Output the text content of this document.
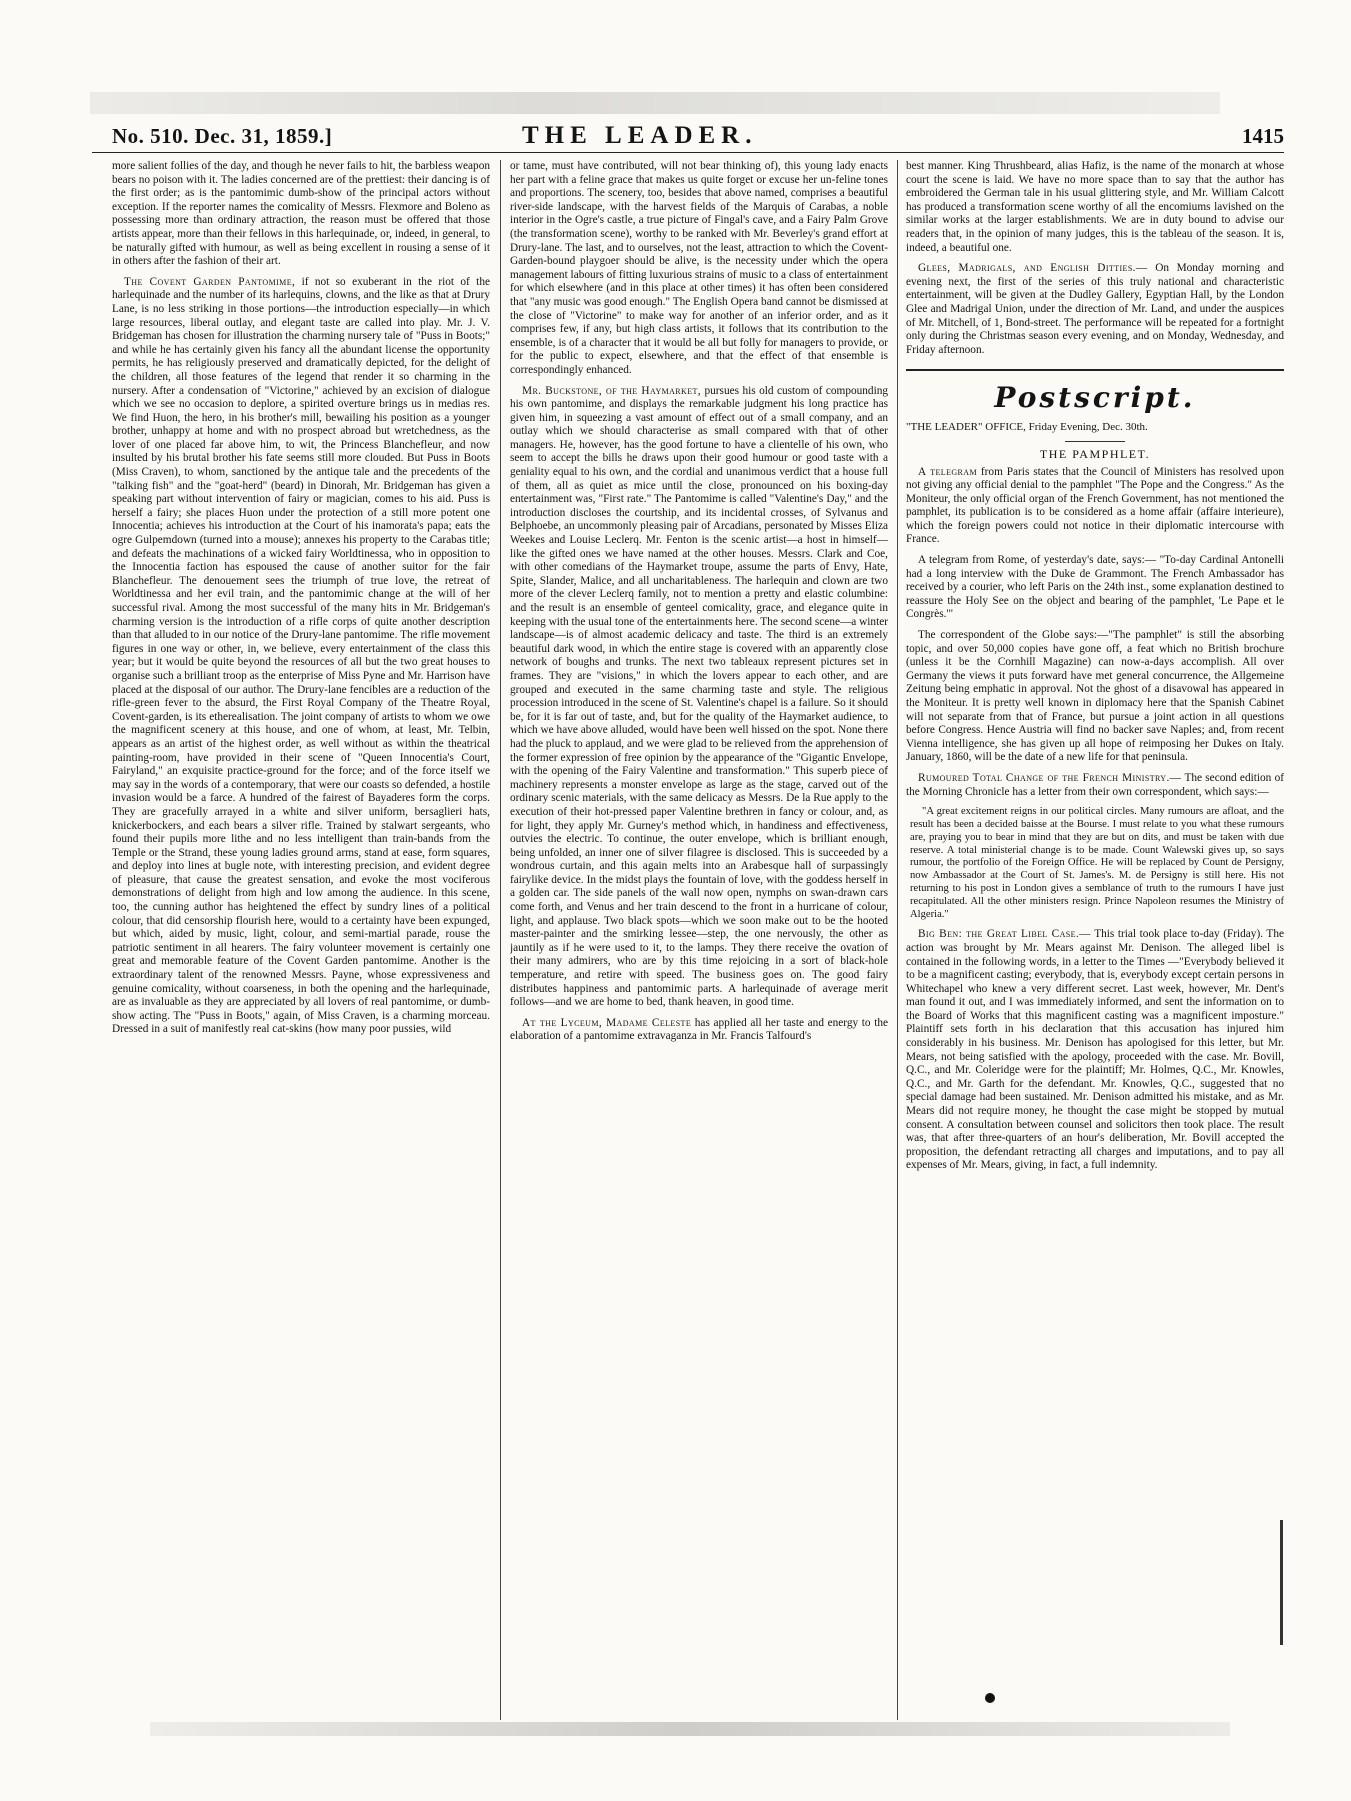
No. 510. Dec. 31, 1859.]	THE LEADER.	1415

more salient follies of the day, and though he never fails to hit, the barbless weapon bears no poison with it. The ladies concerned are of the prettiest: their dancing is of the first order; as is the pantomimic dumb-show of the principal actors without exception. If the reporter names the comicality of Messrs. Flexmore and Boleno as possessing more than ordinary attraction, the reason must be offered that those artists appear, more than their fellows in this harlequinade, or, indeed, in general, to be naturally gifted with humour, as well as being excellent in rousing a sense of it in others after the fashion of their art.

The Covent Garden Pantomime, if not so exuberant in the riot of the harlequinade and the number of its harlequins, clowns, and the like as that at Drury Lane, is no less striking in those portions—the introduction especially—in which large resources, liberal outlay, and elegant taste are called into play. Mr. J. V. Bridgeman has chosen for illustration the charming nursery tale of "Puss in Boots;" and while he has certainly given his fancy all the abundant license the opportunity permits, he has religiously preserved and dramatically depicted, for the delight of the children, all those features of the legend that render it so charming in the nursery. After a condensation of "Victorine," achieved by an excision of dialogue which we see no occasion to deplore, a spirited overture brings us in medias res. We find Huon, the hero, in his brother's mill, bewailing his position as a younger brother, unhappy at home and with no prospect abroad but wretchedness, as the lover of one placed far above him, to wit, the Princess Blanchefleur, and now insulted by his brutal brother his fate seems still more clouded. But Puss in Boots (Miss Craven), to whom, sanctioned by the antique tale and the precedents of the "talking fish" and the "goat-herd" (beard) in Dinorah, Mr. Bridgeman has given a speaking part without intervention of fairy or magician, comes to his aid. Puss is herself a fairy; she places Huon under the protection of a still more potent one Innocentia; achieves his introduction at the Court of his inamorata's papa; eats the ogre Gulpemdown (turned into a mouse); annexes his property to the Carabas title; and defeats the machinations of a wicked fairy Worldtinessa, who in opposition to the Innocentia faction has espoused the cause of another suitor for the fair Blanchefleur. The denouement sees the triumph of true love, the retreat of Worldtinessa and her evil train, and the pantomimic change at the will of her successful rival. Among the most successful of the many hits in Mr. Bridgeman's charming version is the introduction of a rifle corps of quite another description than that alluded to in our notice of the Drury-lane pantomime. The rifle movement figures in one way or other, in, we believe, every entertainment of the class this year; but it would be quite beyond the resources of all but the two great houses to organise such a brilliant troop as the enterprise of Miss Pyne and Mr. Harrison have placed at the disposal of our author. The Drury-lane fencibles are a reduction of the rifle-green fever to the absurd, the First Royal Company of the Theatre Royal, Covent-garden, is its etherealisation. The joint company of artists to whom we owe the magnificent scenery at this house, and one of whom, at least, Mr. Telbin, appears as an artist of the highest order, as well without as within the theatrical painting-room, have provided in their scene of "Queen Innocentia's Court, Fairyland," an exquisite practice-ground for the force; and of the force itself we may say in the words of a contemporary, that were our coasts so defended, a hostile invasion would be a farce. A hundred of the fairest of Bayaderes form the corps. They are gracefully arrayed in a white and silver uniform, bersaglieri hats, knickerbockers, and each bears a silver rifle. Trained by stalwart sergeants, who found their pupils more lithe and no less intelligent than train-bands from the Temple or the Strand, these young ladies ground arms, stand at ease, form squares, and deploy into lines at bugle note, with interesting precision, and evident degree of pleasure, that cause the greatest sensation, and evoke the most vociferous demonstrations of delight from high and low among the audience. In this scene, too, the cunning author has heightened the effect by sundry lines of a political colour, that did censorship flourish here, would to a certainty have been expunged, but which, aided by music, light, colour, and semi-martial parade, rouse the patriotic sentiment in all hearers. The fairy volunteer movement is certainly one great and memorable feature of the Covent Garden pantomime. Another is the extraordinary talent of the renowned Messrs. Payne, whose expressiveness and genuine comicality, without coarseness, in both the opening and the harlequinade, are as invaluable as they are appreciated by all lovers of real pantomime, or dumb-show acting. The "Puss in Boots," again, of Miss Craven, is a charming morceau. Dressed in a suit of manifestly real cat-skins (how many poor pussies, wild

or tame, must have contributed, will not bear thinking of), this young lady enacts her part with a feline grace that makes us quite forget or excuse her un-feline tones and proportions. The scenery, too, besides that above named, comprises a beautiful river-side landscape, with the harvest fields of the Marquis of Carabas, a noble interior in the Ogre's castle, a true picture of Fingal's cave, and a Fairy Palm Grove (the transformation scene), worthy to be ranked with Mr. Beverley's grand effort at Drury-lane. The last, and to ourselves, not the least, attraction to which the Covent-Garden-bound playgoer should be alive, is the necessity under which the opera management labours of fitting luxurious strains of music to a class of entertainment for which elsewhere (and in this place at other times) it has often been considered that "any music was good enough." The English Opera band cannot be dismissed at the close of "Victorine" to make way for another of an inferior order, and as it comprises few, if any, but high class artists, it follows that its contribution to the ensemble, is of a character that it would be all but folly for managers to provide, or for the public to expect, elsewhere, and that the effect of that ensemble is correspondingly enhanced.

Mr. Buckstone, of the Haymarket, pursues his old custom of compounding his own pantomime, and displays the remarkable judgment his long practice has given him, in squeezing a vast amount of effect out of a small company, and an outlay which we should characterise as small compared with that of other managers. He, however, has the good fortune to have a clientelle of his own, who seem to accept the bills he draws upon their good humour or good taste with a geniality equal to his own, and the cordial and unanimous verdict that a house full of them, all as quiet as mice until the close, pronounced on his boxing-day entertainment was, "First rate." The Pantomime is called "Valentine's Day," and the introduction discloses the courtship, and its incidental crosses, of Sylvanus and Belphoebe, an uncommonly pleasing pair of Arcadians, personated by Misses Eliza Weekes and Louise Leclerq. Mr. Fenton is the scenic artist—a host in himself—like the gifted ones we have named at the other houses. Messrs. Clark and Coe, with other comedians of the Haymarket troupe, assume the parts of Envy, Hate, Spite, Slander, Malice, and all uncharitableness. The harlequin and clown are two more of the clever Leclerq family, not to mention a pretty and elastic columbine: and the result is an ensemble of genteel comicality, grace, and elegance quite in keeping with the usual tone of the entertainments here. The second scene—a winter landscape—is of almost academic delicacy and taste. The third is an extremely beautiful dark wood, in which the entire stage is covered with an apparently close network of boughs and trunks. The next two tableaux represent pictures set in frames. They are "visions," in which the lovers appear to each other, and are grouped and executed in the same charming taste and style. The religious procession introduced in the scene of St. Valentine's chapel is a failure. So it should be, for it is far out of taste, and, but for the quality of the Haymarket audience, to which we have above alluded, would have been well hissed on the spot. None there had the pluck to applaud, and we were glad to be relieved from the apprehension of the former expression of free opinion by the appearance of the "Gigantic Envelope, with the opening of the Fairy Valentine and transformation." This superb piece of machinery represents a monster envelope as large as the stage, carved out of the ordinary scenic materials, with the same delicacy as Messrs. De la Rue apply to the execution of their hot-pressed paper Valentine brethren in fancy or colour, and, as for light, they apply Mr. Gurney's method which, in handiness and effectiveness, outvies the electric. To continue, the outer envelope, which is brilliant enough, being unfolded, an inner one of silver filagree is disclosed. This is succeeded by a wondrous curtain, and this again melts into an Arabesque hall of surpassingly fairylike device. In the midst plays the fountain of love, with the goddess herself in a golden car. The side panels of the wall now open, nymphs on swan-drawn cars come forth, and Venus and her train descend to the front in a hurricane of colour, light, and applause. Two black spots—which we soon make out to be the hooted master-painter and the smirking lessee—step, the one nervously, the other as jauntily as if he were used to it, to the lamps. They there receive the ovation of their many admirers, who are by this time rejoicing in a sort of black-hole temperature, and retire with speed. The business goes on. The good fairy distributes happiness and pantomimic parts. A harlequinade of average merit follows—and we are home to bed, thank heaven, in good time.

At the Lyceum, Madame Celeste has applied all her taste and energy to the elaboration of a pantomime extravaganza in Mr. Francis Talfourd's

best manner. King Thrushbeard, alias Hafiz, is the name of the monarch at whose court the scene is laid. We have no more space than to say that the author has embroidered the German tale in his usual glittering style, and Mr. William Calcott has produced a transformation scene worthy of all the encomiums lavished on the similar works at the larger establishments. We are in duty bound to advise our readers that, in the opinion of many judges, this is the tableau of the season. It is, indeed, a beautiful one.

Glees, Madrigals, and English Ditties.— On Monday morning and evening next, the first of the series of this truly national and characteristic entertainment, will be given at the Dudley Gallery, Egyptian Hall, by the London Glee and Madrigal Union, under the direction of Mr. Land, and under the auspices of Mr. Mitchell, of 1, Bond-street. The performance will be repeated for a fortnight only during the Christmas season every evening, and on Monday, Wednesday, and Friday afternoon.

Postscript.
"THE LEADER" OFFICE, Friday Evening, Dec. 30th.
THE PAMPHLET.

A telegram from Paris states that the Council of Ministers has resolved upon not giving any official denial to the pamphlet "The Pope and the Congress." As the Moniteur, the only official organ of the French Government, has not mentioned the pamphlet, its publication is to be considered as a home affair (affaire interieure), which the foreign powers could not notice in their diplomatic intercourse with France.

A telegram from Rome, of yesterday's date, says:— "To-day Cardinal Antonelli had a long interview with the Duke de Grammont. The French Ambassador has received by a courier, who left Paris on the 24th inst., some explanation destined to reassure the Holy See on the object and bearing of the pamphlet, 'Le Pape et le Congrès.'"

The correspondent of the Globe says:—"The pamphlet" is still the absorbing topic, and over 50,000 copies have gone off, a feat which no British brochure (unless it be the Cornhill Magazine) can now-a-days accomplish. All over Germany the views it puts forward have met general concurrence, the Allgemeine Zeitung being emphatic in approval. Not the ghost of a disavowal has appeared in the Moniteur. It is pretty well known in diplomacy here that the Spanish Cabinet will not separate from that of France, but pursue a joint action in all questions before Congress. Hence Austria will find no backer save Naples; and, from recent Vienna intelligence, she has given up all hope of reimposing her Dukes on Italy. January, 1860, will be the date of a new life for that peninsula.

Rumoured Total Change of the French Ministry.— The second edition of the Morning Chronicle has a letter from their own correspondent, which says:—

"A great excitement reigns in our political circles. Many rumours are afloat, and the result has been a decided baisse at the Bourse. I must relate to you what these rumours are, praying you to bear in mind that they are but on dits, and must be taken with due reserve. A total ministerial change is to be made. Count Walewski gives up, so says rumour, the portfolio of the Foreign Office. He will be replaced by Count de Persigny, now Ambassador at the Court of St. James's. M. de Persigny is still here. His not returning to his post in London gives a semblance of truth to the rumours I have just recapitulated. All the other ministers resign. Prince Napoleon resumes the Ministry of Algeria."

Big Ben: the Great Libel Case.— This trial took place to-day (Friday). The action was brought by Mr. Mears against Mr. Denison. The alleged libel is contained in the following words, in a letter to the Times —"Everybody believed it to be a magnificent casting; everybody, that is, everybody except certain persons in Whitechapel who knew a very different secret. Last week, however, Mr. Dent's man found it out, and I was immediately informed, and sent the information on to the Board of Works that this magnificent casting was a magnificent imposture." Plaintiff sets forth in his declaration that this accusation has injured him considerably in his business. Mr. Denison has apologised for this letter, but Mr. Mears, not being satisfied with the apology, proceeded with the case. Mr. Bovill, Q.C., and Mr. Coleridge were for the plaintiff; Mr. Holmes, Q.C., Mr. Knowles, Q.C., and Mr. Garth for the defendant. Mr. Knowles, Q.C., suggested that no special damage had been sustained. Mr. Denison admitted his mistake, and as Mr. Mears did not require money, he thought the case might be stopped by mutual consent. A consultation between counsel and solicitors then took place. The result was, that after three-quarters of an hour's deliberation, Mr. Bovill accepted the proposition, the defendant retracting all charges and imputations, and to pay all expenses of Mr. Mears, giving, in fact, a full indemnity.
